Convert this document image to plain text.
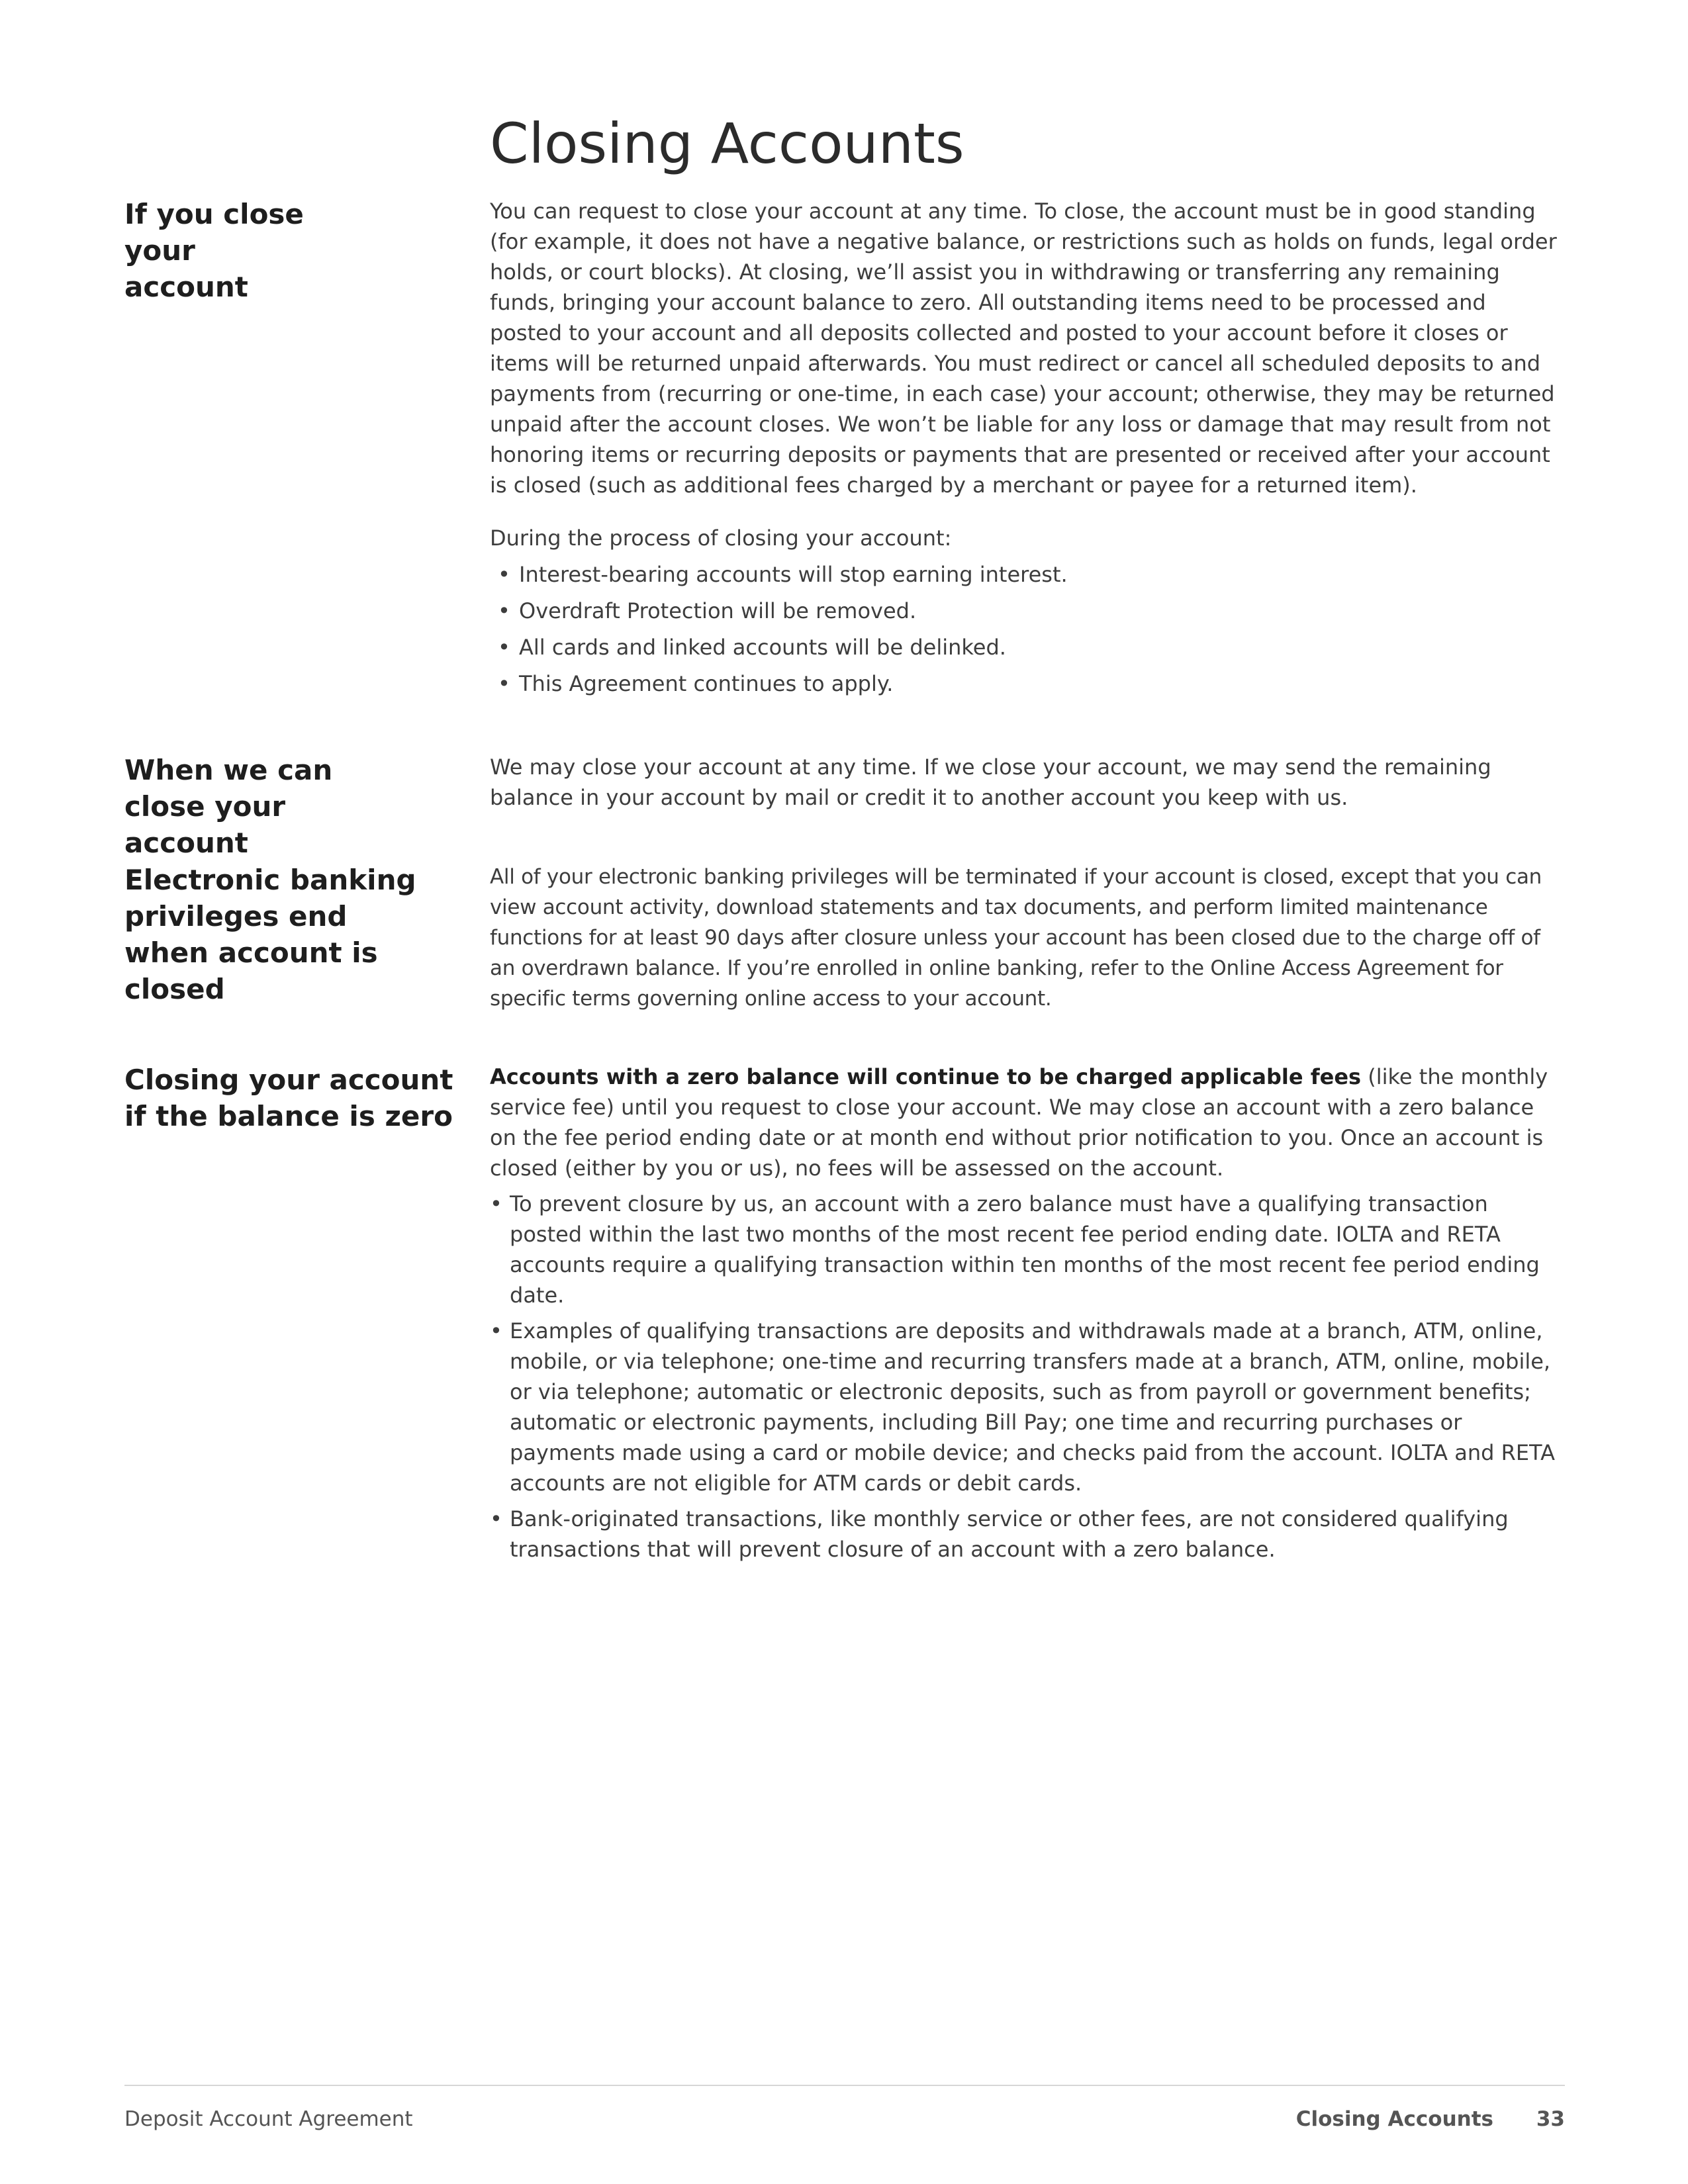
Closing Accounts
If you close your account

You can request to close your account at any time. To close, the account must be in good standing (for example, it does not have a negative balance, or restrictions such as holds on funds, legal order holds, or court blocks). At closing, we’ll assist you in withdrawing or transferring any remaining funds, bringing your account balance to zero. All outstanding items need to be processed and posted to your account and all deposits collected and posted to your account before it closes or items will be returned unpaid afterwards. You must redirect or cancel all scheduled deposits to and payments from (recurring or one-time, in each case) your account; otherwise, they may be returned unpaid after the account closes. We won’t be liable for any loss or damage that may result from not honoring items or recurring deposits or payments that are presented or received after your account is closed (such as additional fees charged by a merchant or payee for a returned item).

During the process of closing your account:

• Interest-bearing accounts will stop earning interest.
• Overdraft Protection will be removed.
• All cards and linked accounts will be delinked.
• This Agreement continues to apply.
When we can close your account

We may close your account at any time. If we close your account, we may send the remaining balance in your account by mail or credit it to another account you keep with us.

Electronic banking privileges end when account is closed

All of your electronic banking privileges will be terminated if your account is closed, except that you can view account activity, download statements and tax documents, and perform limited maintenance functions for at least 90 days after closure unless your account has been closed due to the charge off of an overdrawn balance. If you’re enrolled in online banking, refer to the Online Access Agreement for specific terms governing online access to your account.

Closing your account if the balance is zero

Accounts with a zero balance will continue to be charged applicable fees (like the monthly service fee) until you request to close your account. We may close an account with a zero balance on the fee period ending date or at month end without prior notification to you. Once an account is closed (either by you or us), no fees will be assessed on the account.

• To prevent closure by us, an account with a zero balance must have a qualifying transaction posted within the last two months of the most recent fee period ending date. IOLTA and RETA accounts require a qualifying transaction within ten months of the most recent fee period ending date.
• Examples of qualifying transactions are deposits and withdrawals made at a branch, ATM, online, mobile, or via telephone; one-time and recurring transfers made at a branch, ATM, online, mobile, or via telephone; automatic or electronic deposits, such as from payroll or government benefits; automatic or electronic payments, including Bill Pay; one time and recurring purchases or payments made using a card or mobile device; and checks paid from the account. IOLTA and RETA accounts are not eligible for ATM cards or debit cards.
• Bank-originated transactions, like monthly service or other fees, are not considered qualifying transactions that will prevent closure of an account with a zero balance.
Deposit Account Agreement	Closing Accounts 33
